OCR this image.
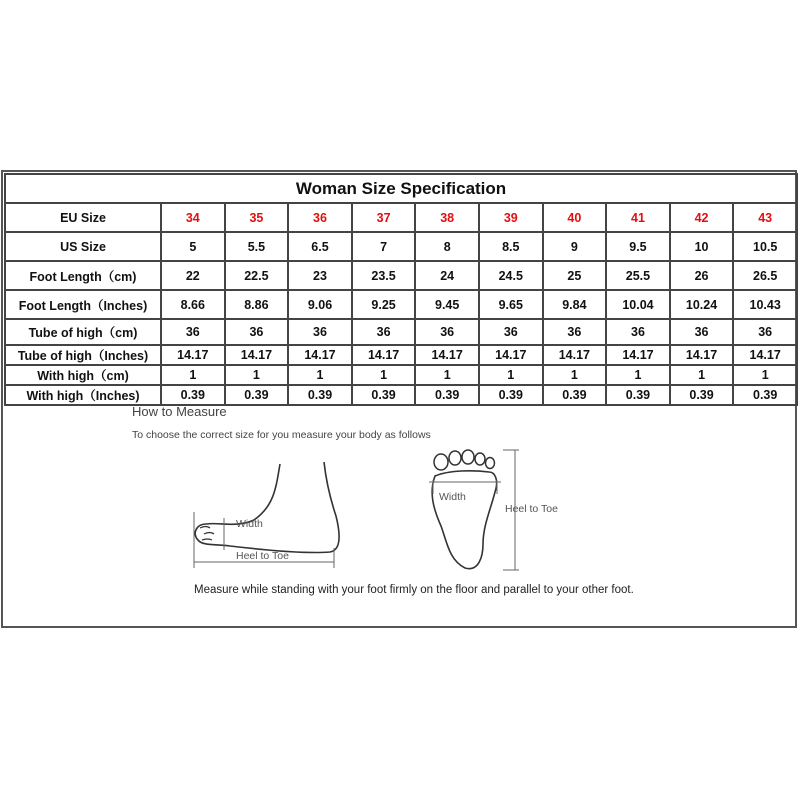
Woman Size Specification										
EU Size	34	35	36	37	38	39	40	41	42	43
US Size	5	5.5	6.5	7	8	8.5	9	9.5	10	10.5
Foot Length（cm)	22	22.5	23	23.5	24	24.5	25	25.5	26	26.5
Foot Length（Inches)	8.66	8.86	9.06	9.25	9.45	9.65	9.84	10.04	10.24	10.43
Tube of high（cm)	36	36	36	36	36	36	36	36	36	36
Tube of high（Inches)	14.17	14.17	14.17	14.17	14.17	14.17	14.17	14.17	14.17	14.17
With high（cm)	1	1	1	1	1	1	1	1	1	1
With high（Inches)	0.39	0.39	0.39	0.39	0.39	0.39	0.39	0.39	0.39	0.39
How to Measure
To choose the correct size for you measure your body as follows
Width
Heel to Toe
Width
Heel to Toe
Measure while standing with your foot firmly on the floor and parallel to your other foot.
